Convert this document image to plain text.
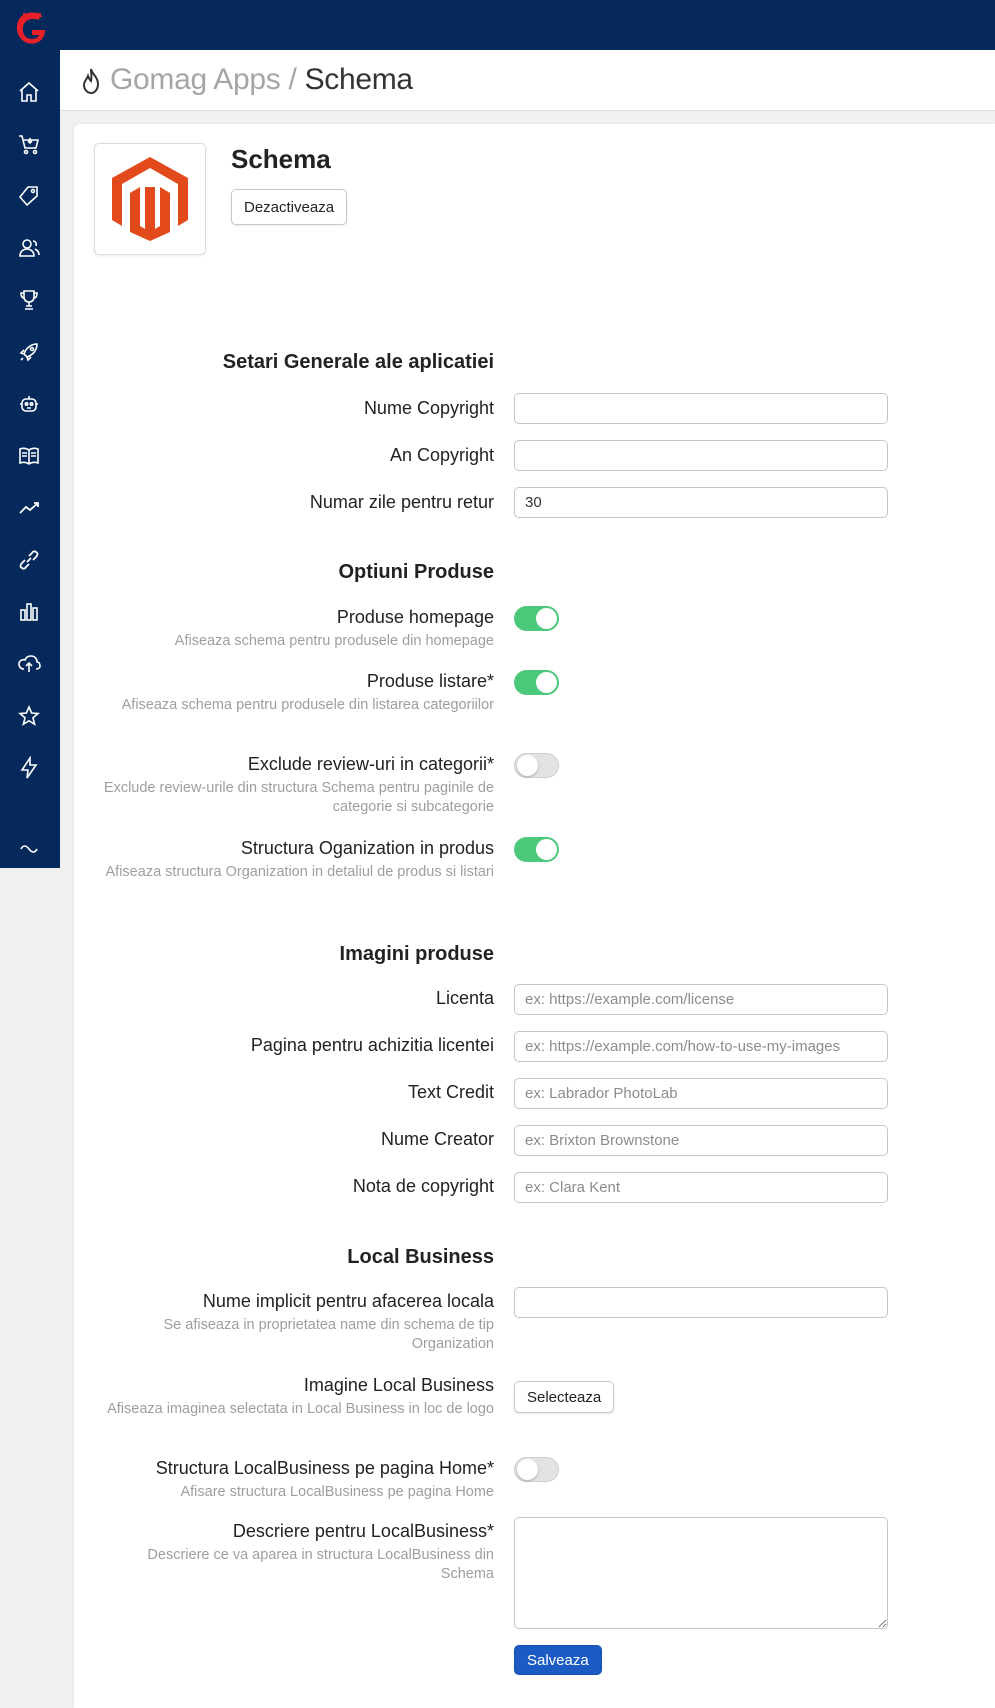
Gomag Apps / Schema
Schema
Dezactiveaza
Setari Generale ale aplicatiei
Nume Copyright
An Copyright
Numar zile pentru retur
30
Optiuni Produse
Produse homepage
Afiseaza schema pentru produsele din homepage
Produse listare*
Afiseaza schema pentru produsele din listarea categoriilor
Exclude review-uri in categorii*
Exclude review-urile din structura Schema pentru paginile de categorie si subcategorie
Structura Oganization in produs
Afiseaza structura Organization in detaliul de produs si listari
Imagini produse
Licenta
ex: https://example.com/license
Pagina pentru achizitia licentei
ex: https://example.com/how-to-use-my-images
Text Credit
ex: Labrador PhotoLab
Nume Creator
ex: Brixton Brownstone
Nota de copyright
ex: Clara Kent
Local Business
Nume implicit pentru afacerea locala
Se afiseaza in proprietatea name din schema de tip Organization
Imagine Local Business
Afiseaza imaginea selectata in Local Business in loc de logo
Selecteaza
Structura LocalBusiness pe pagina Home*
Afisare structura LocalBusiness pe pagina Home
Descriere pentru LocalBusiness*
Descriere ce va aparea in structura LocalBusiness din Schema
Salveaza
